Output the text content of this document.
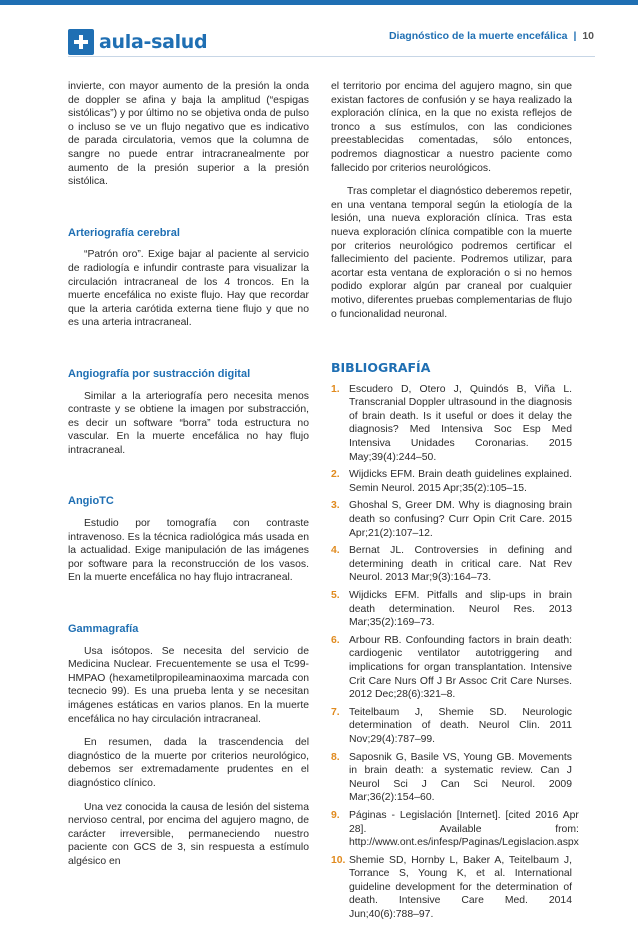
aula-salud	Diagnóstico de la muerte encefálica | 10

invierte, con mayor aumento de la presión la onda de doppler se afina y baja la amplitud (“espigas sistólicas”) y por último no se objetiva onda de pulso o incluso se ve un flujo negativo que es indicativo de parada circulatoria, vemos que la columna de sangre no puede entrar intracranealmente por aumento de la presión superior a la presión sistólica.

Arteriografía cerebral

“Patrón oro”. Exige bajar al paciente al servicio de radiología e infundir contraste para visualizar la circulación intracraneal de los 4 troncos. En la muerte encefálica no existe flujo. Hay que recordar que la arteria carótida externa tiene flujo y que no es una arteria intracraneal.

Angiografía por sustracción digital

Similar a la arteriografía pero necesita menos contraste y se obtiene la imagen por substracción, es decir un software “borra” toda estructura no vascular. En la muerte encefálica no hay flujo intracraneal.

AngioTC

Estudio por tomografía con contraste intravenoso. Es la técnica radiológica más usada en la actualidad. Exige manipulación de las imágenes por software para la reconstrucción de los vasos. En la muerte encefálica no hay flujo intracraneal.

Gammagrafía

Usa isótopos. Se necesita del servicio de Medicina Nuclear. Frecuentemente se usa el Tc99-HMPAO (hexametilpropileaminaoxima marcada con tecnecio 99). Es una prueba lenta y se necesitan imágenes estáticas en varios planos. En la muerte encefálica no hay circulación intracraneal.

En resumen, dada la trascendencia del diagnóstico de la muerte por criterios neurológico, debemos ser extremadamente prudentes en el diagnóstico clínico.

Una vez conocida la causa de lesión del sistema nervioso central, por encima del agujero magno, de carácter irreversible, permaneciendo nuestro paciente con GCS de 3, sin respuesta a estímulo algésico en

el territorio por encima del agujero magno, sin que existan factores de confusión y se haya realizado la exploración clínica, en la que no exista reflejos de tronco a sus estímulos, con las condiciones preestablecidas comentadas, sólo entonces, podremos diagnosticar a nuestro paciente como fallecido por criterios neurológicos.

Tras completar el diagnóstico deberemos repetir, en una ventana temporal según la etiología de la lesión, una nueva exploración clínica. Tras esta nueva exploración clínica compatible con la muerte por criterios neurológico podremos certificar el fallecimiento del paciente. Podremos utilizar, para acortar esta ventana de exploración o si no hemos podido explorar algún par craneal por cualquier motivo, diferentes pruebas complementarias de flujo o funcionalidad neuronal.

BIBLIOGRAFÍA
1. Escudero D, Otero J, Quindós B, Viña L. Transcranial Doppler ultrasound in the diagnosis of brain death. Is it useful or does it delay the diagnosis? Med Intensiva Soc Esp Med Intensiva Unidades Coronarias. 2015 May;39(4):244–50.
2. Wijdicks EFM. Brain death guidelines explained. Semin Neurol. 2015 Apr;35(2):105–15.
3. Ghoshal S, Greer DM. Why is diagnosing brain death so confusing? Curr Opin Crit Care. 2015 Apr;21(2):107–12.
4. Bernat JL. Controversies in defining and determining death in critical care. Nat Rev Neurol. 2013 Mar;9(3):164–73.
5. Wijdicks EFM. Pitfalls and slip-ups in brain death determination. Neurol Res. 2013 Mar;35(2):169–73.
6. Arbour RB. Confounding factors in brain death: cardiogenic ventilator autotriggering and implications for organ transplantation. Intensive Crit Care Nurs Off J Br Assoc Crit Care Nurses. 2012 Dec;28(6):321–8.
7. Teitelbaum J, Shemie SD. Neurologic determination of death. Neurol Clin. 2011 Nov;29(4):787–99.
8. Saposnik G, Basile VS, Young GB. Movements in brain death: a systematic review. Can J Neurol Sci J Can Sci Neurol. 2009 Mar;36(2):154–60.
9. Páginas - Legislación [Internet]. [cited 2016 Apr 28]. Available from: http://www.ont.es/infesp/Paginas/Legislacion.aspx
10. Shemie SD, Hornby L, Baker A, Teitelbaum J, Torrance S, Young K, et al. International guideline development for the determination of death. Intensive Care Med. 2014 Jun;40(6):788–97.
